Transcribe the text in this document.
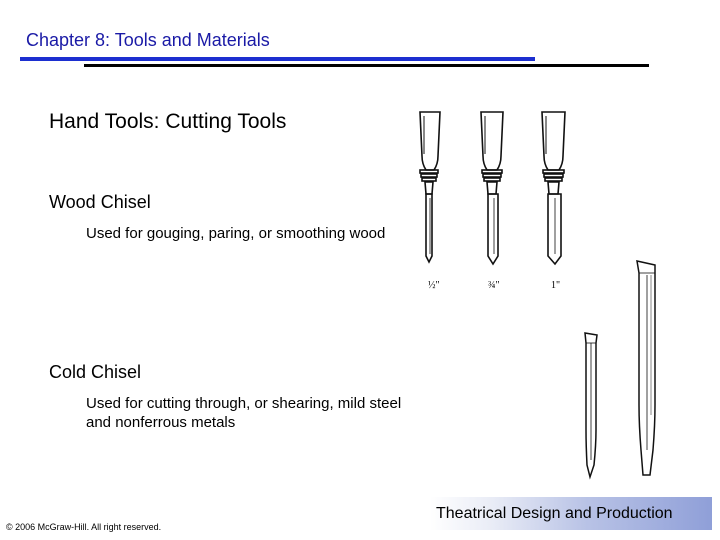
Chapter 8: Tools and Materials
Hand Tools: Cutting Tools
Wood Chisel
Used for gouging, paring, or smoothing wood
Cold Chisel
Used for cutting through, or shearing, mild steel and nonferrous metals
½"	¾"	1"
Theatrical Design and Production
© 2006 McGraw-Hill. All right reserved.
